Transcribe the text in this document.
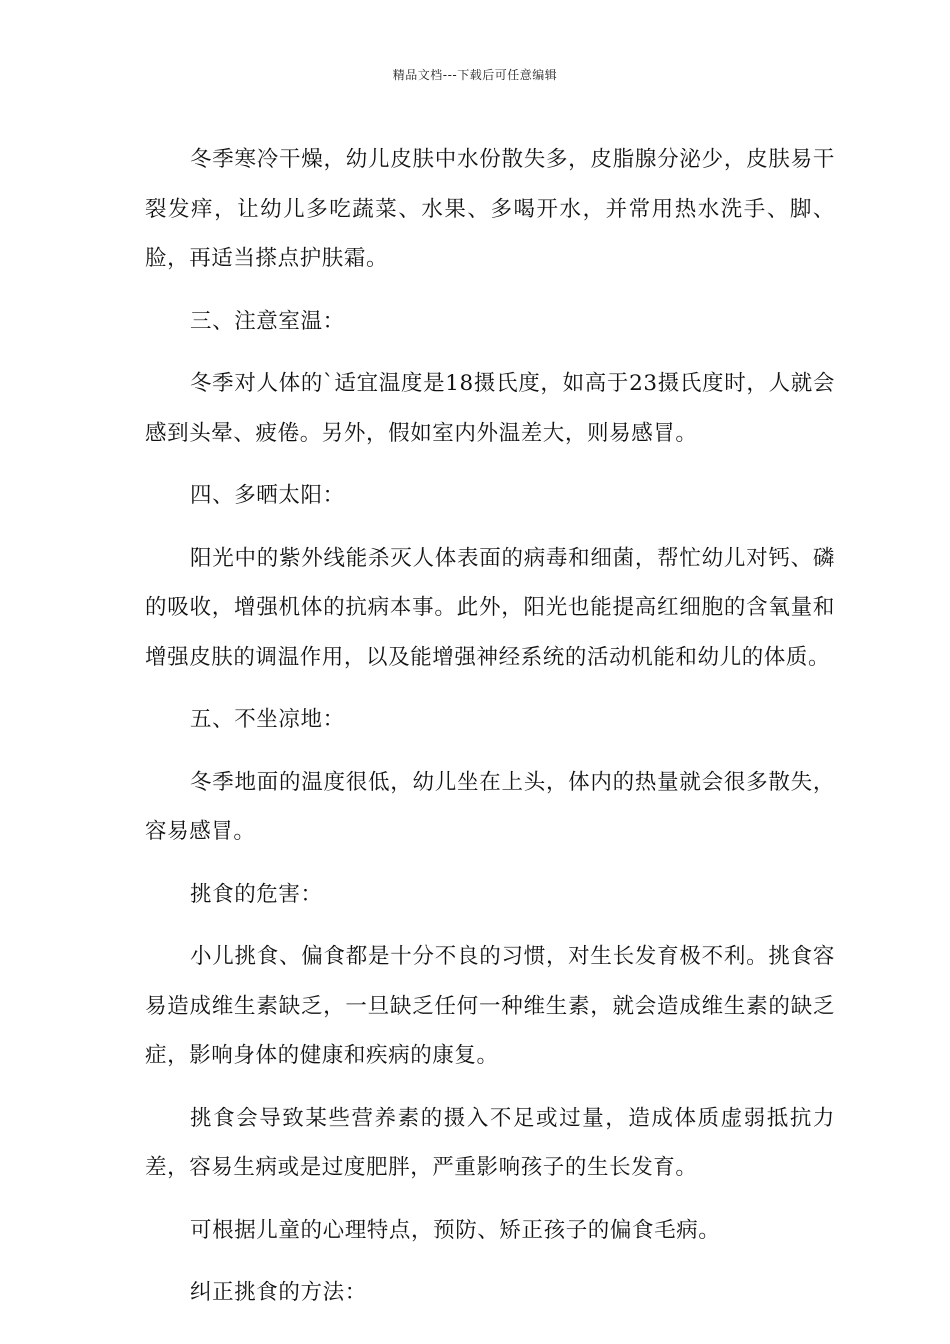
精品文档---下载后可任意编辑

冬季寒冷干燥，幼儿皮肤中水份散失多，皮脂腺分泌少，皮肤易干裂发痒，让幼儿多吃蔬菜、水果、多喝开水，并常用热水洗手、脚、脸，再适当搽点护肤霜。

三、注意室温：

冬季对人体的`适宜温度是18摄氏度，如高于23摄氏度时，人就会感到头晕、疲倦。另外，假如室内外温差大，则易感冒。

四、多晒太阳：

阳光中的紫外线能杀灭人体表面的病毒和细菌，帮忙幼儿对钙、磷的吸收，增强机体的抗病本事。此外，阳光也能提高红细胞的含氧量和增强皮肤的调温作用，以及能增强神经系统的活动机能和幼儿的体质。

五、不坐凉地：

冬季地面的温度很低，幼儿坐在上头，体内的热量就会很多散失，容易感冒。

挑食的危害：

小儿挑食、偏食都是十分不良的习惯，对生长发育极不利。挑食容易造成维生素缺乏，一旦缺乏任何一种维生素，就会造成维生素的缺乏症，影响身体的健康和疾病的康复。

挑食会导致某些营养素的摄入不足或过量，造成体质虚弱抵抗力差，容易生病或是过度肥胖，严重影响孩子的生长发育。

可根据儿童的心理特点，预防、矫正孩子的偏食毛病。

纠正挑食的方法：
